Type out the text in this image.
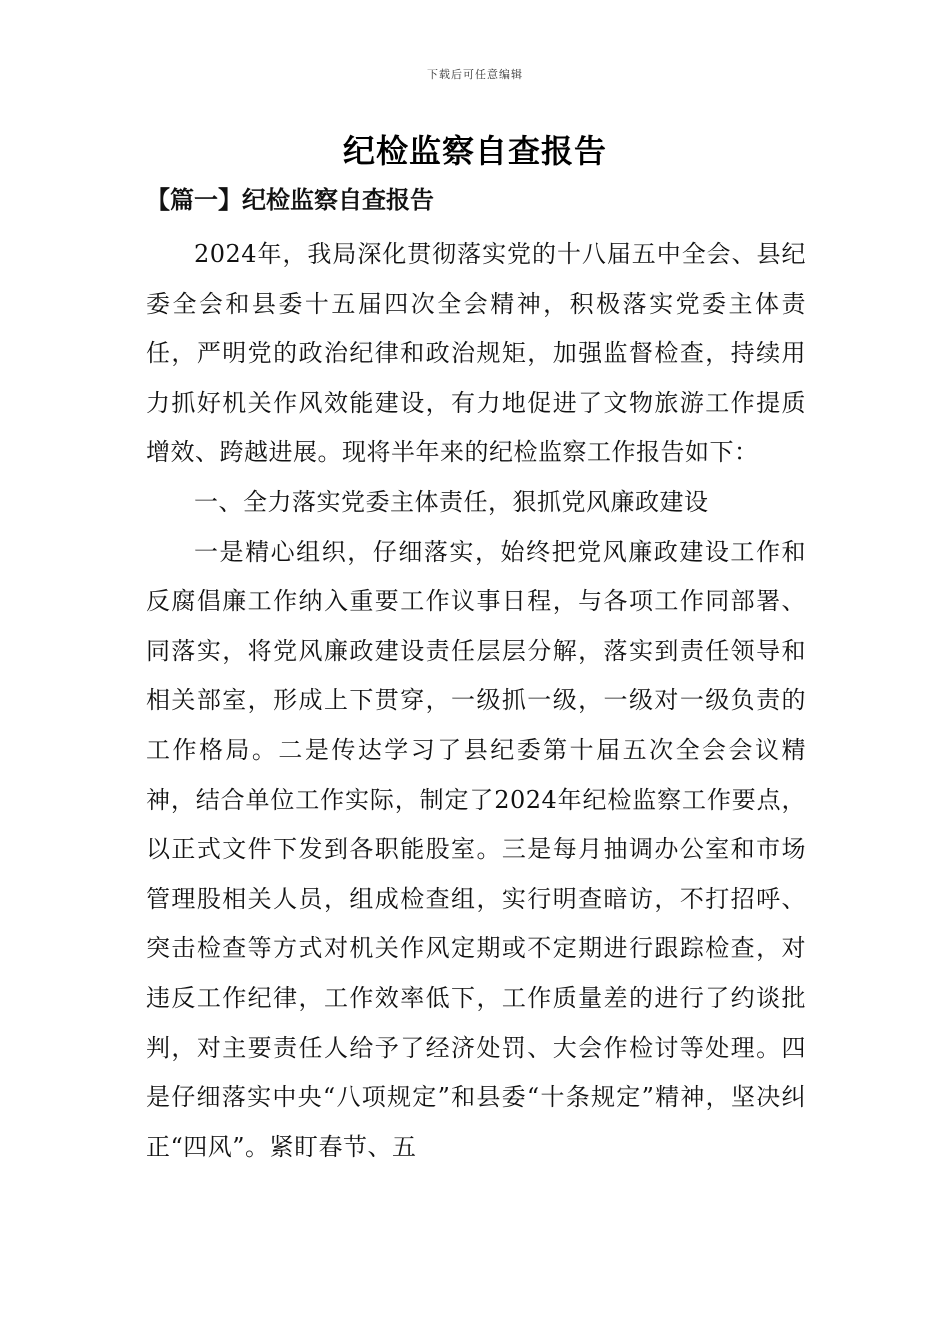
下载后可任意编辑
纪检监察自查报告
【篇一】纪检监察自查报告

2024年，我局深化贯彻落实党的十八届五中全会、县纪委全会和县委十五届四次全会精神，积极落实党委主体责任，严明党的政治纪律和政治规矩，加强监督检查，持续用力抓好机关作风效能建设，有力地促进了文物旅游工作提质增效、跨越进展。现将半年来的纪检监察工作报告如下：

一、全力落实党委主体责任，狠抓党风廉政建设

一是精心组织，仔细落实，始终把党风廉政建设工作和反腐倡廉工作纳入重要工作议事日程，与各项工作同部署、同落实，将党风廉政建设责任层层分解，落实到责任领导和相关部室，形成上下贯穿，一级抓一级，一级对一级负责的工作格局。二是传达学习了县纪委第十届五次全会会议精神，结合单位工作实际，制定了2024年纪检监察工作要点，以正式文件下发到各职能股室。三是每月抽调办公室和市场管理股相关人员，组成检查组，实行明查暗访，不打招呼、突击检查等方式对机关作风定期或不定期进行跟踪检查，对违反工作纪律，工作效率低下，工作质量差的进行了约谈批判，对主要责任人给予了经济处罚、大会作检讨等处理。四是仔细落实中央“八项规定”和县委“十条规定”精神，坚决纠正“四风”。紧盯春节、五
